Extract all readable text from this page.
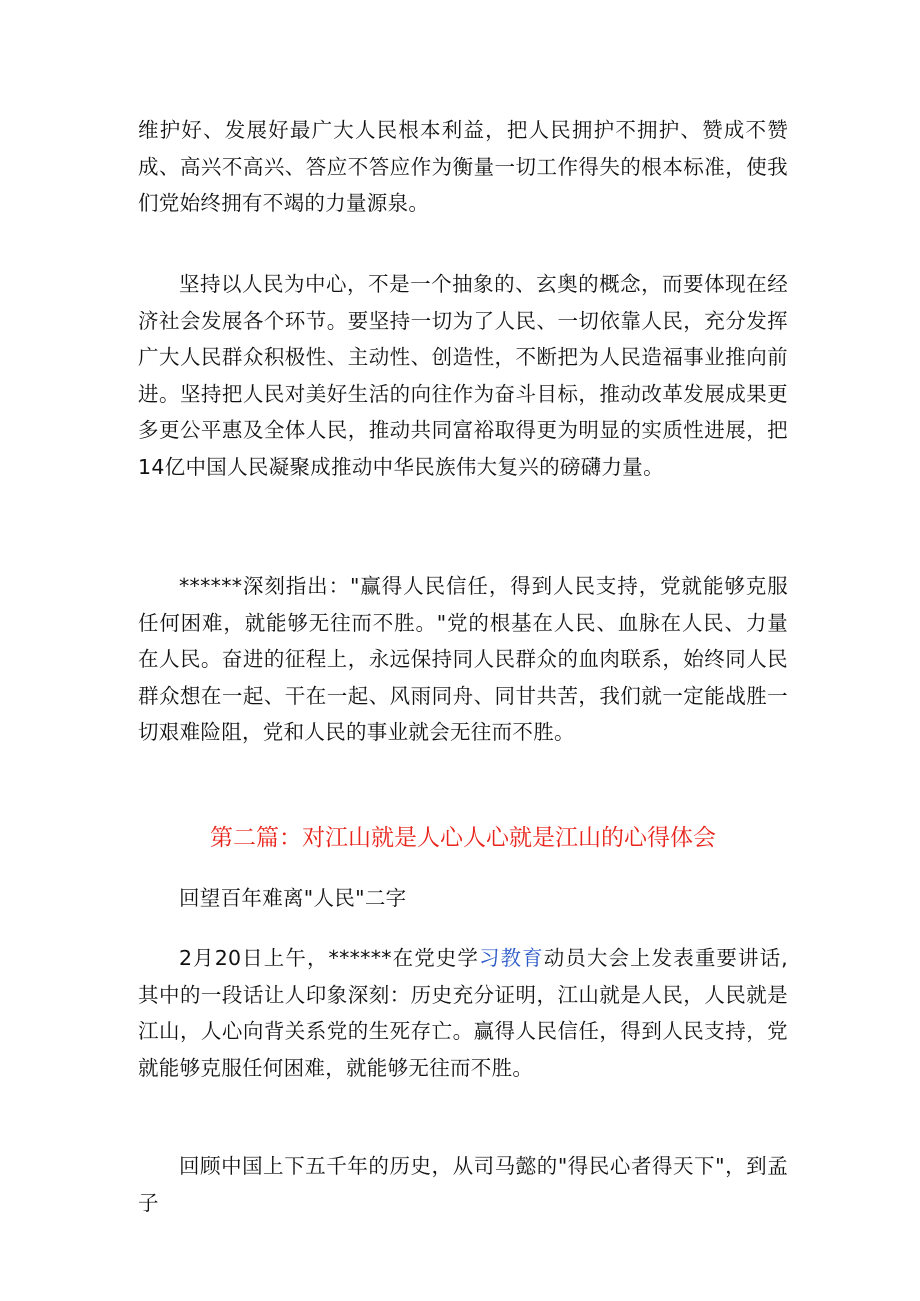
维护好、发展好最广大人民根本利益，把人民拥护不拥护、赞成不赞成、高兴不高兴、答应不答应作为衡量一切工作得失的根本标准，使我们党始终拥有不竭的力量源泉。

坚持以人民为中心，不是一个抽象的、玄奥的概念，而要体现在经济社会发展各个环节。要坚持一切为了人民、一切依靠人民，充分发挥广大人民群众积极性、主动性、创造性，不断把为人民造福事业推向前进。坚持把人民对美好生活的向往作为奋斗目标，推动改革发展成果更多更公平惠及全体人民，推动共同富裕取得更为明显的实质性进展，把14亿中国人民凝聚成推动中华民族伟大复兴的磅礴力量。

******深刻指出："赢得人民信任，得到人民支持，党就能够克服任何困难，就能够无往而不胜。"党的根基在人民、血脉在人民、力量在人民。奋进的征程上，永远保持同人民群众的血肉联系，始终同人民群众想在一起、干在一起、风雨同舟、同甘共苦，我们就一定能战胜一切艰难险阻，党和人民的事业就会无往而不胜。

第二篇：对江山就是人心人心就是江山的心得体会

回望百年难离"人民"二字

2月20日上午，******在党史学习教育动员大会上发表重要讲话,其中的一段话让人印象深刻：历史充分证明，江山就是人民，人民就是江山，人心向背关系党的生死存亡。赢得人民信任，得到人民支持，党就能够克服任何困难，就能够无往而不胜。

回顾中国上下五千年的历史，从司马懿的"得民心者得天下"，到孟子
